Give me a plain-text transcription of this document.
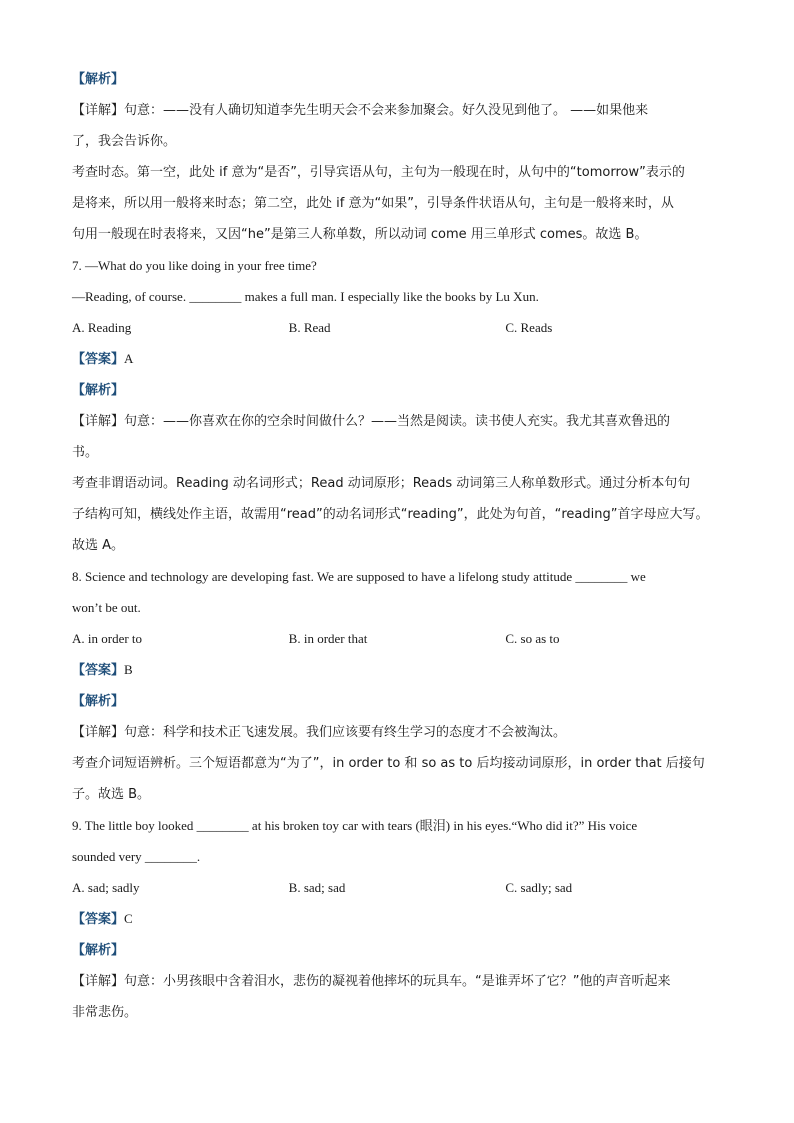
【解析】
【详解】句意：——没有人确切知道李先生明天会不会来参加聚会。好久没见到他了。 ——如果他来
了，我会告诉你。
考查时态。第一空，此处 if 意为“是否”，引导宾语从句，主句为一般现在时，从句中的“tomorrow”表示的
是将来，所以用一般将来时态；第二空，此处 if 意为“如果”，引导条件状语从句，主句是一般将来时，从
句用一般现在时表将来，又因“he”是第三人称单数，所以动词 come 用三单形式 comes。故选 B。
7. —What do you like doing in your free time?
—Reading, of course. ________ makes a full man. I especially like the books by Lu Xun.
A. Reading	B. Read	C. Reads
【答案】A
【解析】
【详解】句意：——你喜欢在你的空余时间做什么？——当然是阅读。读书使人充实。我尤其喜欢鲁迅的
书。
考查非谓语动词。Reading 动名词形式；Read 动词原形；Reads 动词第三人称单数形式。通过分析本句句
子结构可知，横线处作主语，故需用“read”的动名词形式“reading”，此处为句首，“reading”首字母应大写。
故选 A。
8. Science and technology are developing fast. We are supposed to have a lifelong study attitude ________ we
won’t be out.
A. in order to	B. in order that	C. so as to
【答案】B
【解析】
【详解】句意：科学和技术正飞速发展。我们应该要有终生学习的态度才不会被淘汰。
考查介词短语辨析。三个短语都意为“为了”，in order to 和 so as to 后均接动词原形，in order that 后接句
子。故选 B。
9. The little boy looked ________ at his broken toy car with tears (眼泪) in his eyes.“Who did it?” His voice
sounded very ________.
A. sad; sadly	B. sad; sad	C. sadly; sad
【答案】C
【解析】
【详解】句意：小男孩眼中含着泪水，悲伤的凝视着他摔坏的玩具车。“是谁弄坏了它？”他的声音听起来
非常悲伤。
